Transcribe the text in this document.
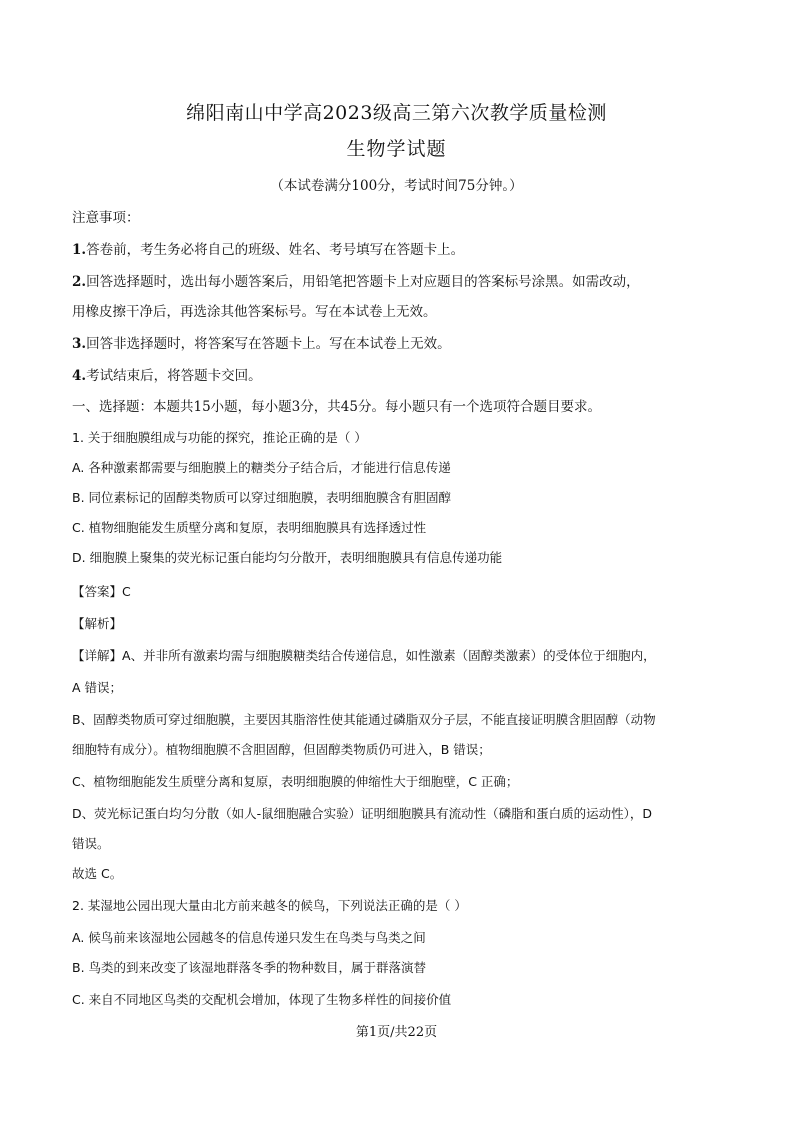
绵阳南山中学高2023级高三第六次教学质量检测
生物学试题
（本试卷满分100分，考试时间75分钟。）
注意事项：
1.答卷前，考生务必将自己的班级、姓名、考号填写在答题卡上。
2.回答选择题时，选出每小题答案后，用铅笔把答题卡上对应题目的答案标号涂黑。如需改动，
用橡皮擦干净后，再选涂其他答案标号。写在本试卷上无效。
3.回答非选择题时，将答案写在答题卡上。写在本试卷上无效。
4.考试结束后，将答题卡交回。
一、选择题：本题共15小题，每小题3分，共45分。每小题只有一个选项符合题目要求。
1. 关于细胞膜组成与功能的探究，推论正确的是（ ）
A. 各种激素都需要与细胞膜上的糖类分子结合后，才能进行信息传递
B. 同位素标记的固醇类物质可以穿过细胞膜，表明细胞膜含有胆固醇
C. 植物细胞能发生质壁分离和复原，表明细胞膜具有选择透过性
D. 细胞膜上聚集的荧光标记蛋白能均匀分散开，表明细胞膜具有信息传递功能
【答案】C
【解析】
【详解】A、并非所有激素均需与细胞膜糖类结合传递信息，如性激素（固醇类激素）的受体位于细胞内，
A 错误；
B、固醇类物质可穿过细胞膜，主要因其脂溶性使其能通过磷脂双分子层，不能直接证明膜含胆固醇（动物
细胞特有成分）。植物细胞膜不含胆固醇，但固醇类物质仍可进入，B 错误；
C、植物细胞能发生质壁分离和复原，表明细胞膜的伸缩性大于细胞壁，C 正确；
D、荧光标记蛋白均匀分散（如人-鼠细胞融合实验）证明细胞膜具有流动性（磷脂和蛋白质的运动性），D
错误。
故选 C。
2. 某湿地公园出现大量由北方前来越冬的候鸟，下列说法正确的是（ ）
A. 候鸟前来该湿地公园越冬的信息传递只发生在鸟类与鸟类之间
B. 鸟类的到来改变了该湿地群落冬季的物种数目，属于群落演替
C. 来自不同地区鸟类的交配机会增加，体现了生物多样性的间接价值
第1页/共22页
